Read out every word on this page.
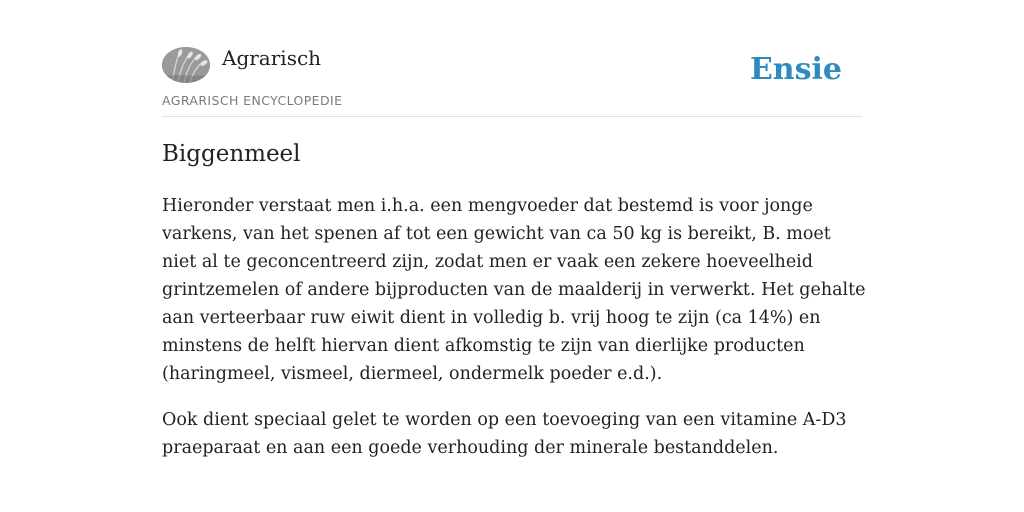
Agrarisch
AGRARISCH ENCYCLOPEDIE
Ensie
Biggenmeel

Hieronder verstaat men i.h.a. een mengvoeder dat bestemd is voor jonge varkens, van het spenen af tot een gewicht van ca 50 kg is bereikt, B. moet niet al te geconcentreerd zijn, zodat men er vaak een zekere hoeveelheid grintzemelen of andere bijproducten van de maalderij in verwerkt. Het gehalte aan verteerbaar ruw eiwit dient in volledig b. vrij hoog te zijn (ca 14%) en minstens de helft hiervan dient afkomstig te zijn van dierlijke producten (haringmeel, vismeel, diermeel, ondermelk poeder e.d.).

Ook dient speciaal gelet te worden op een toevoeging van een vitamine A-D3 praeparaat en aan een goede verhouding der minerale bestanddelen.
